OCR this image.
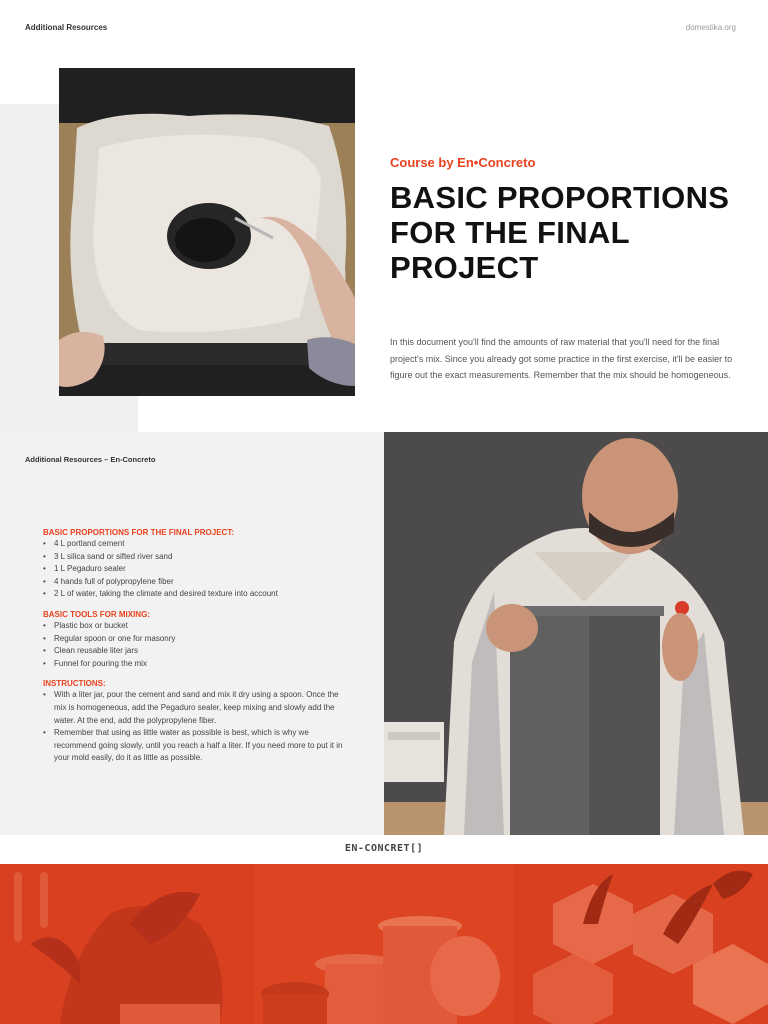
Additional Resources	domestika.org
Course by En•Concreto
BASIC PROPORTIONS FOR THE FINAL PROJECT

In this document you'll find the amounts of raw material that you'll need for the final project's mix. Since you already got some practice in the first exercise, it'll be easier to figure out the exact measurements. Remember that the mix should be homogeneous.

Additional Resources – En-Concreto
BASIC PROPORTIONS FOR THE FINAL PROJECT:
• 4 L portland cement
• 3 L silica sand or sifted river sand
• 1 L Pegaduro sealer
• 4 hands full of polypropylene fiber
• 2 L of water, taking the climate and desired texture into account
BASIC TOOLS FOR MIXING:
• Plastic box or bucket
• Regular spoon or one for masonry
• Clean reusable liter jars
• Funnel for pouring the mix
INSTRUCTIONS:
• With a liter jar, pour the cement and sand and mix it dry using a spoon. Once the mix is homogeneous, add the Pegaduro sealer, keep mixing and slowly add the water. At the end, add the polypropylene fiber.
• Remember that using as little water as possible is best, which is why we recommend going slowly, until you reach a half a liter. If you need more to put it in your mold easily, do it as little as possible.
EN-CONCRET[]
